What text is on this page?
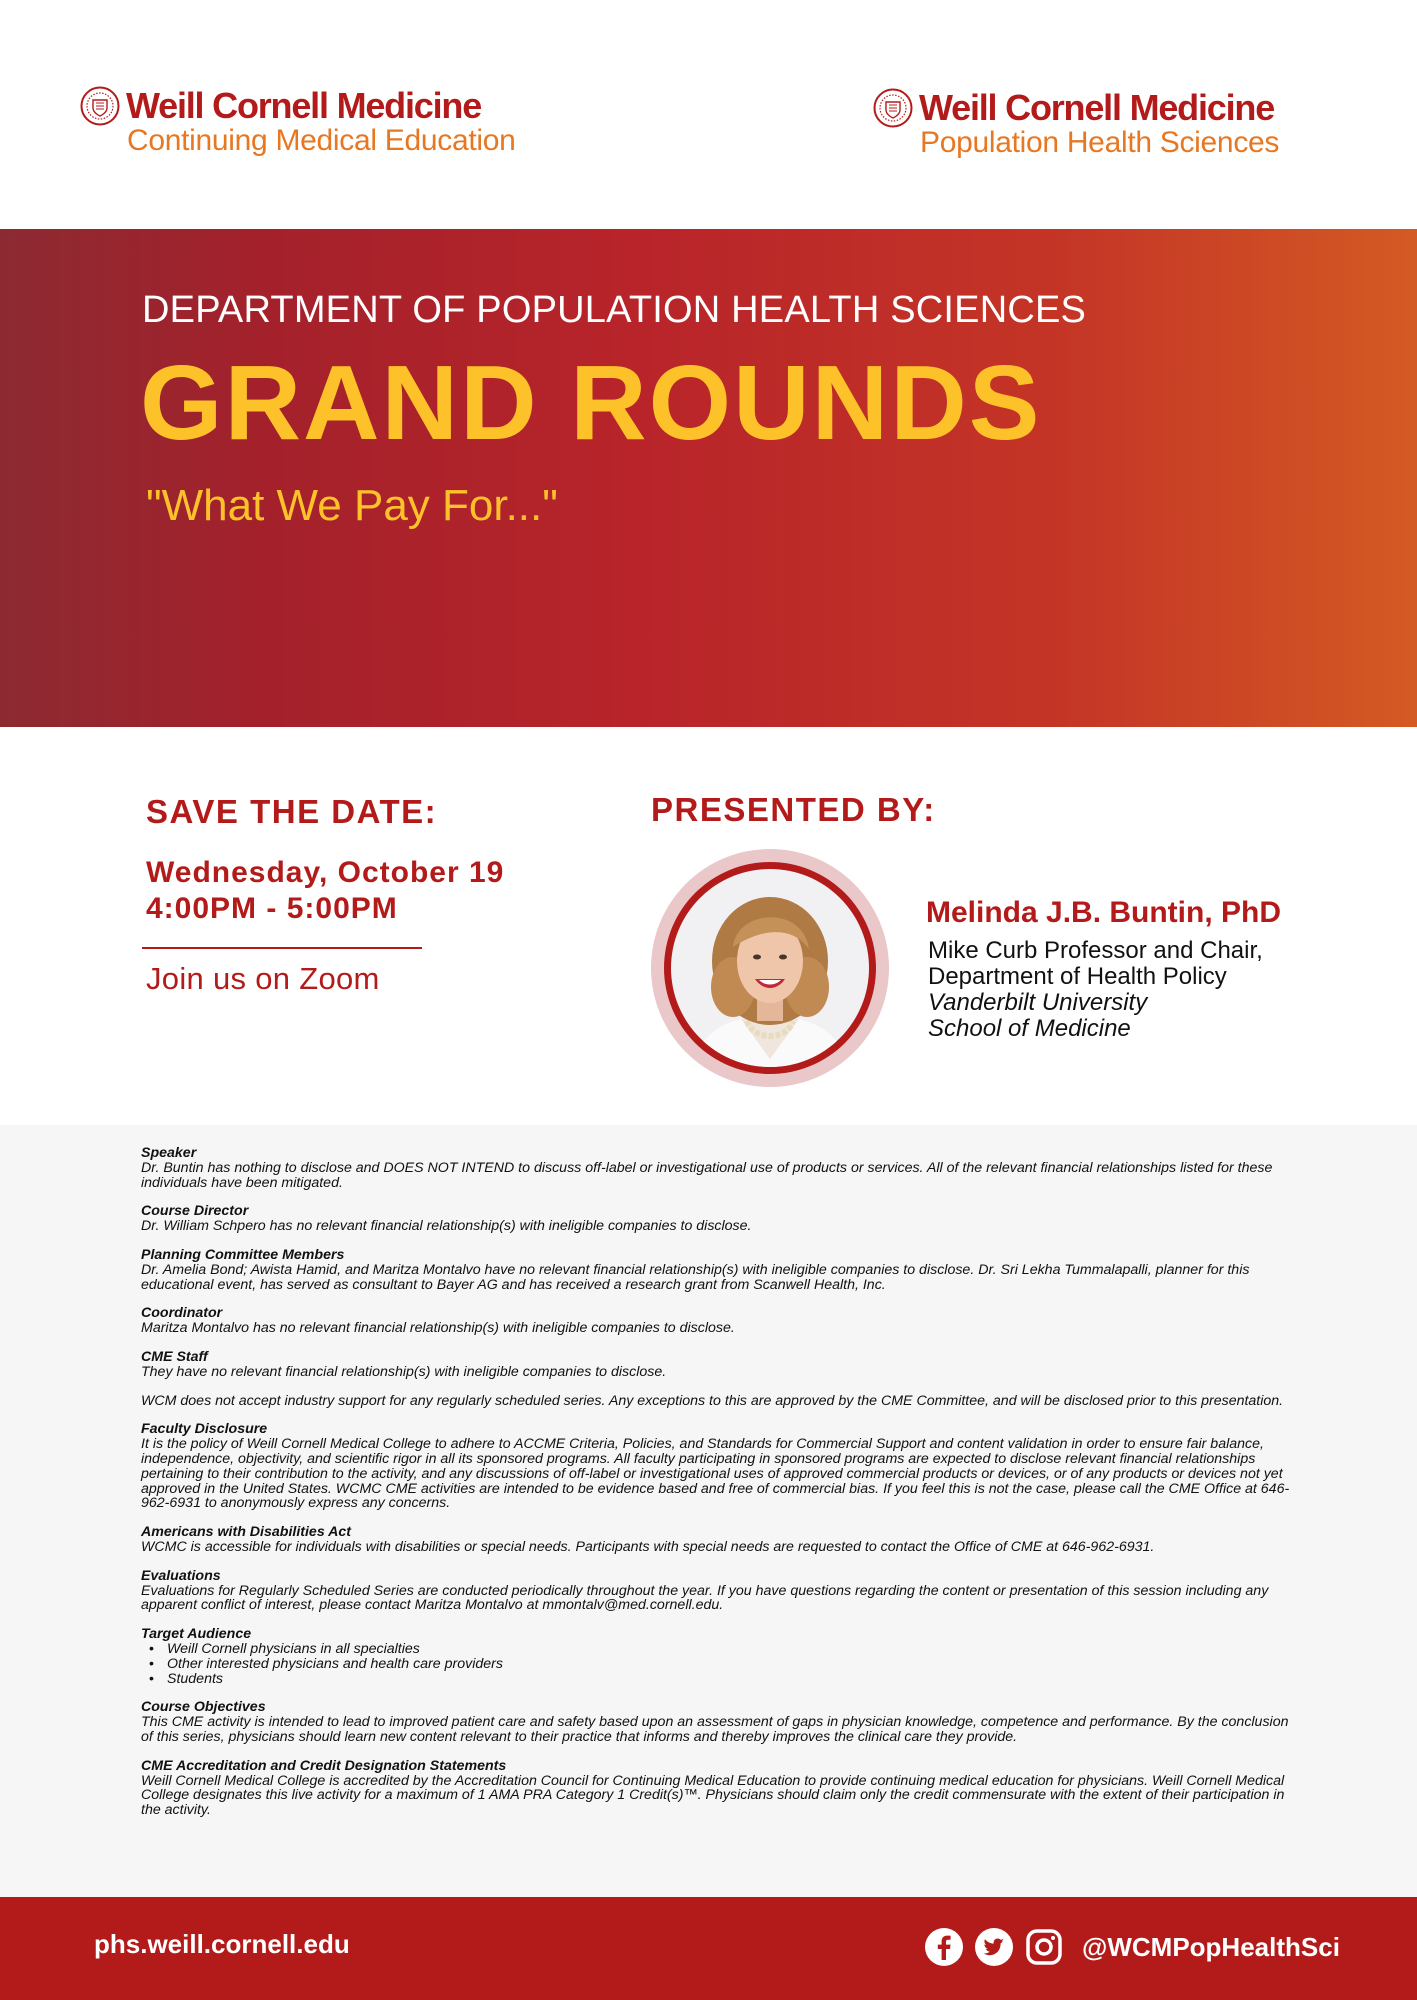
Weill Cornell Medicine
Continuing Medical Education
Weill Cornell Medicine
Population Health Sciences
DEPARTMENT OF POPULATION HEALTH SCIENCES
GRAND ROUNDS
"What We Pay For..."
SAVE THE DATE:
Wednesday, October 19
4:00PM - 5:00PM
Join us on Zoom
PRESENTED BY:
Melinda J.B. Buntin, PhD
Mike Curb Professor and Chair,
Department of Health Policy
Vanderbilt University
School of Medicine
Speaker
Dr. Buntin has nothing to disclose and DOES NOT INTEND to discuss off-label or investigational use of products or services. All of the relevant financial relationships listed for these individuals have been mitigated.
Course Director
Dr. William Schpero has no relevant financial relationship(s) with ineligible companies to disclose.
Planning Committee Members
Dr. Amelia Bond; Awista Hamid, and Maritza Montalvo have no relevant financial relationship(s) with ineligible companies to disclose. Dr. Sri Lekha Tummalapalli, planner for this educational event, has served as consultant to Bayer AG and has received a research grant from Scanwell Health, Inc.
Coordinator
Maritza Montalvo has no relevant financial relationship(s) with ineligible companies to disclose.
CME Staff
They have no relevant financial relationship(s) with ineligible companies to disclose.
WCM does not accept industry support for any regularly scheduled series. Any exceptions to this are approved by the CME Committee, and will be disclosed prior to this presentation.
Faculty Disclosure
It is the policy of Weill Cornell Medical College to adhere to ACCME Criteria, Policies, and Standards for Commercial Support and content validation in order to ensure fair balance, independence, objectivity, and scientific rigor in all its sponsored programs. All faculty participating in sponsored programs are expected to disclose relevant financial relationships pertaining to their contribution to the activity, and any discussions of off-label or investigational uses of approved commercial products or devices, or of any products or devices not yet approved in the United States. WCMC CME activities are intended to be evidence based and free of commercial bias. If you feel this is not the case, please call the CME Office at 646-962-6931 to anonymously express any concerns.
Americans with Disabilities Act
WCMC is accessible for individuals with disabilities or special needs. Participants with special needs are requested to contact the Office of CME at 646-962-6931.
Evaluations
Evaluations for Regularly Scheduled Series are conducted periodically throughout the year. If you have questions regarding the content or presentation of this session including any apparent conflict of interest, please contact Maritza Montalvo at mmontalv@med.cornell.edu.
Target Audience
• Weill Cornell physicians in all specialties
• Other interested physicians and health care providers
• Students
Course Objectives
This CME activity is intended to lead to improved patient care and safety based upon an assessment of gaps in physician knowledge, competence and performance. By the conclusion of this series, physicians should learn new content relevant to their practice that informs and thereby improves the clinical care they provide.
CME Accreditation and Credit Designation Statements
Weill Cornell Medical College is accredited by the Accreditation Council for Continuing Medical Education to provide continuing medical education for physicians. Weill Cornell Medical College designates this live activity for a maximum of 1 AMA PRA Category 1 Credit(s)™. Physicians should claim only the credit commensurate with the extent of their participation in the activity.
phs.weill.cornell.edu	@WCMPopHealthSci
